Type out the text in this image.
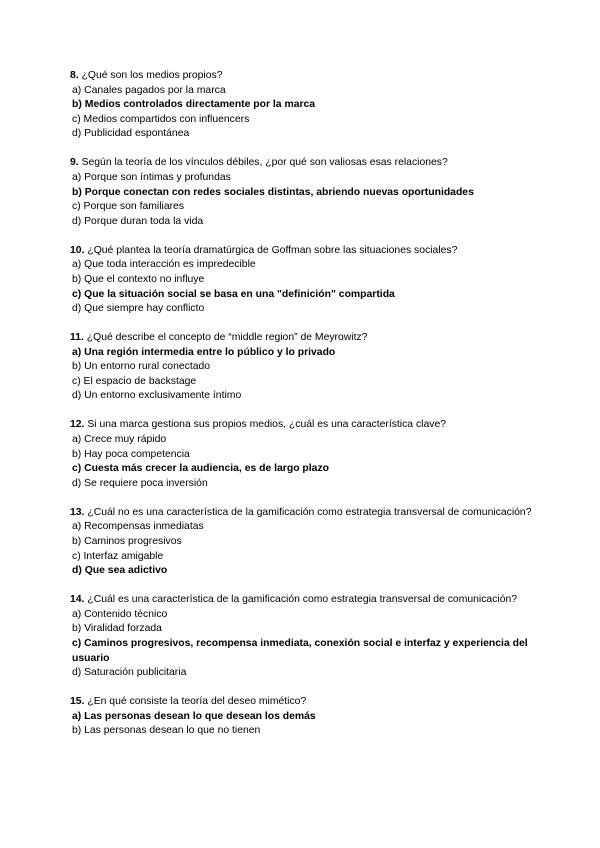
8. ¿Qué son los medios propios?

a) Canales pagados por la marca

b) Medios controlados directamente por la marca

c) Medios compartidos con influencers

d) Publicidad espontánea

9. Según la teoría de los vínculos débiles, ¿por qué son valiosas esas relaciones?

a) Porque son íntimas y profundas

b) Porque conectan con redes sociales distintas, abriendo nuevas oportunidades

c) Porque son familiares

d) Porque duran toda la vida

10. ¿Qué plantea la teoría dramatúrgica de Goffman sobre las situaciones sociales?

a) Que toda interacción es impredecible

b) Que el contexto no influye

c) Que la situación social se basa en una "definición" compartida

d) Que siempre hay conflicto

11. ¿Qué describe el concepto de “middle region” de Meyrowitz?

a) Una región intermedia entre lo público y lo privado

b) Un entorno rural conectado

c) El espacio de backstage

d) Un entorno exclusivamente íntimo

12. Si una marca gestiona sus propios medios, ¿cuál es una característica clave?

a) Crece muy rápido

b) Hay poca competencia

c) Cuesta más crecer la audiencia, es de largo plazo

d) Se requiere poca inversión

13. ¿Cuál no es una característica de la gamificación como estrategia transversal de comunicación?

a) Recompensas inmediatas

b) Caminos progresivos

c) Interfaz amigable

d) Que sea adictivo

14. ¿Cuál es una característica de la gamificación como estrategia transversal de comunicación?

a) Contenido técnico

b) Viralidad forzada

c) Caminos progresivos, recompensa inmediata, conexión social e interfaz y experiencia del usuario

d) Saturación publicitaria

15. ¿En qué consiste la teoría del deseo mimético?

a) Las personas desean lo que desean los demás

b) Las personas desean lo que no tienen
